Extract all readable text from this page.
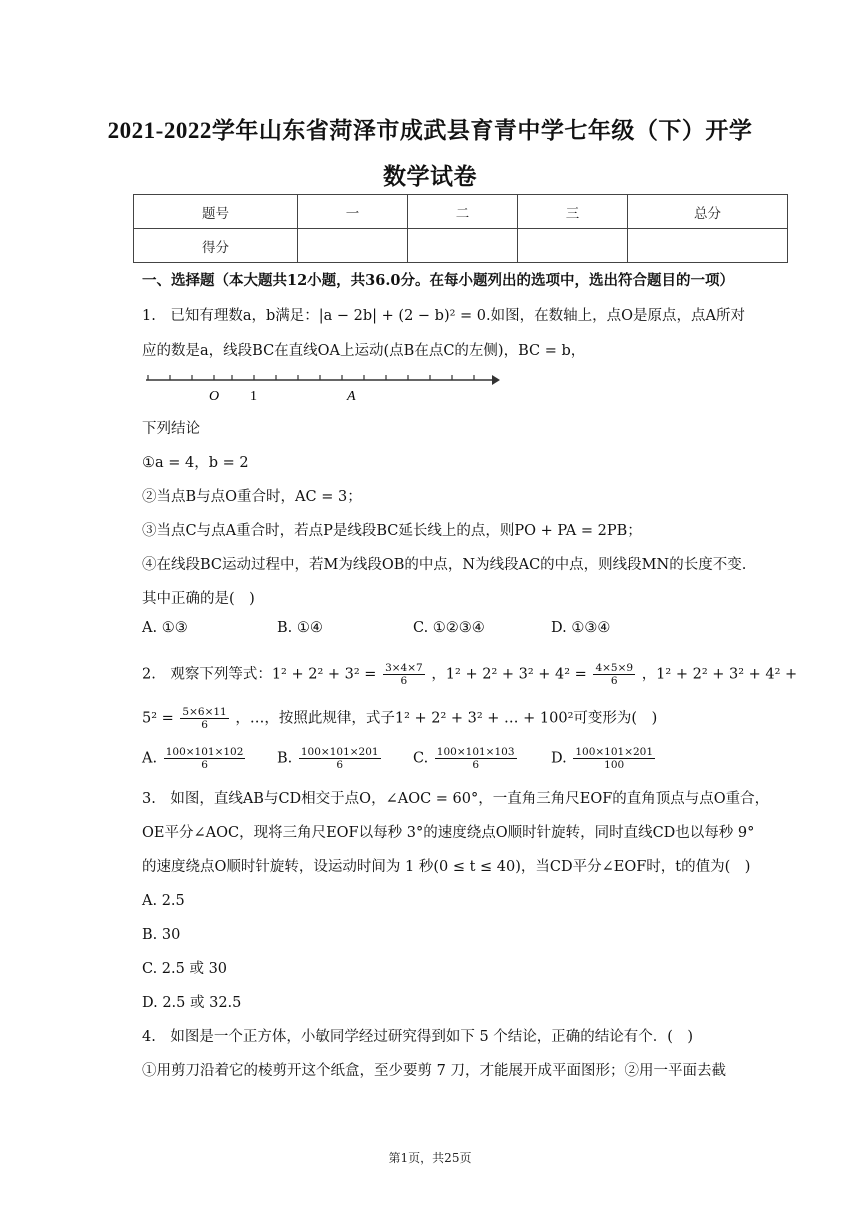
2021-2022学年山东省菏泽市成武县育青中学七年级（下）开学
数学试卷
题号	一	二	三	总分
得分				
一、选择题（本大题共12小题，共36.0分。在每小题列出的选项中，选出符合题目的一项）
1.　已知有理数a，b满足：|a − 2b| + (2 − b)² = 0.如图，在数轴上，点O是原点，点A所对
应的数是a，线段BC在直线OA上运动(点B在点C的左侧)，BC = b，
O 1	A
下列结论
①a = 4，b = 2
②当点B与点O重合时，AC = 3；
③当点C与点A重合时，若点P是线段BC延长线上的点，则PO + PA = 2PB；
④在线段BC运动过程中，若M为线段OB的中点，N为线段AC的中点，则线段MN的长度不变.
其中正确的是(　)
A. ①③	B. ①④	C. ①②③④	D. ①③④
2.　观察下列等式：$1^2 + 2^2 + 3^2 = \frac{3\times 4\times 7}{6}$ ，$1^2 + 2^2 + 3^2 + 4^2 = \frac{4\times 5\times 9}{6}$ ，1² + 2² + 3² + 4² +
$5^2 = \frac{5\times 6\times 11}{6}$ ，…，按照此规律，式子1² + 2² + 3² + … + 100²可变形为(　)
A. $\frac{100\times 101\times 102}{6} B$. $\frac{100\times 101\times 201}{6} C$. $\frac{100\times 101\times 103}{6} D$. $\frac{100\times 101\times 201}{100}$
3.　如图，直线AB与CD相交于点O，∠AOC = 60°，一直角三角尺EOF的直角顶点与点O重合，
OE平分∠AOC，现将三角尺EOF以每秒 3°的速度绕点O顺时针旋转，同时直线CD也以每秒 9°
的速度绕点O顺时针旋转，设运动时间为 1 秒(0 ≤ t ≤ 40)，当CD平分∠EOF时，t的值为(　)
A. 2.5
B. 30
C. 2.5 或 30
D. 2.5 或 32.5
4.　如图是一个正方体，小敏同学经过研究得到如下 5 个结论，正确的结论有个．(　)
①用剪刀沿着它的棱剪开这个纸盒，至少要剪 7 刀，才能展开成平面图形；②用一平面去截
第1页，共25页
